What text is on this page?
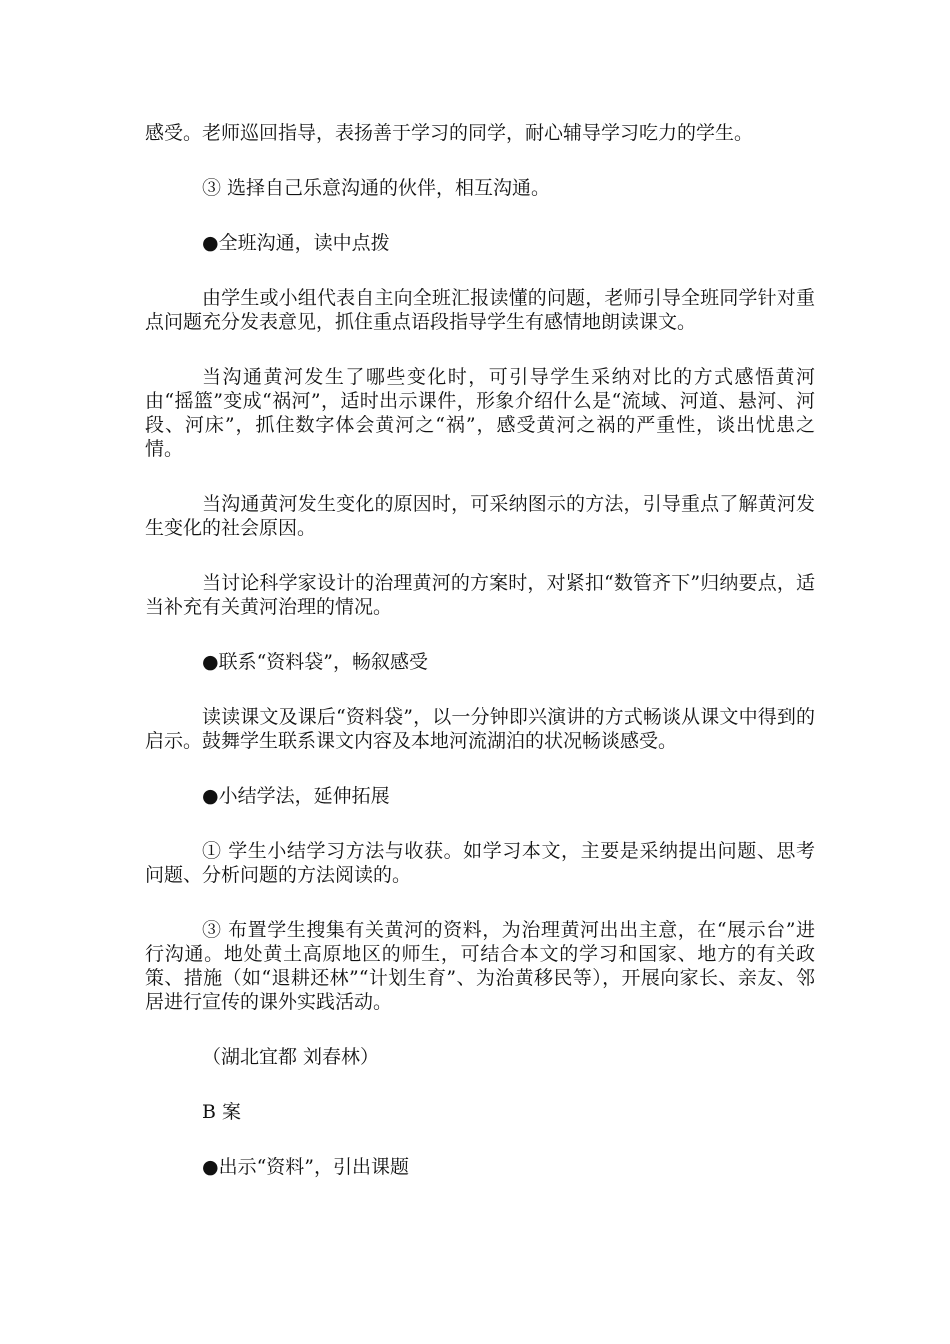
感受。老师巡回指导，表扬善于学习的同学，耐心辅导学习吃力的学生。

③ 选择自己乐意沟通的伙伴，相互沟通。

●全班沟通，读中点拨

由学生或小组代表自主向全班汇报读懂的问题，老师引导全班同学针对重点问题充分发表意见，抓住重点语段指导学生有感情地朗读课文。

当沟通黄河发生了哪些变化时，可引导学生采纳对比的方式感悟黄河由“摇篮”变成“祸河”，适时出示课件，形象介绍什么是“流域、河道、悬河、河段、河床”，抓住数字体会黄河之“祸”，感受黄河之祸的严重性，谈出忧患之情。

当沟通黄河发生变化的原因时，可采纳图示的方法，引导重点了解黄河发生变化的社会原因。

当讨论科学家设计的治理黄河的方案时，对紧扣“数管齐下”归纳要点，适当补充有关黄河治理的情况。

●联系“资料袋”，畅叙感受

读读课文及课后“资料袋”，以一分钟即兴演讲的方式畅谈从课文中得到的启示。鼓舞学生联系课文内容及本地河流湖泊的状况畅谈感受。

●小结学法，延伸拓展

① 学生小结学习方法与收获。如学习本文，主要是采纳提出问题、思考问题、分析问题的方法阅读的。

③ 布置学生搜集有关黄河的资料，为治理黄河出出主意，在“展示台”进行沟通。地处黄土高原地区的师生，可结合本文的学习和国家、地方的有关政策、措施（如“退耕还林”“计划生育”、为治黄移民等），开展向家长、亲友、邻居进行宣传的课外实践活动。

（湖北宜都 刘春林）

B 案

●出示“资料”，引出课题
